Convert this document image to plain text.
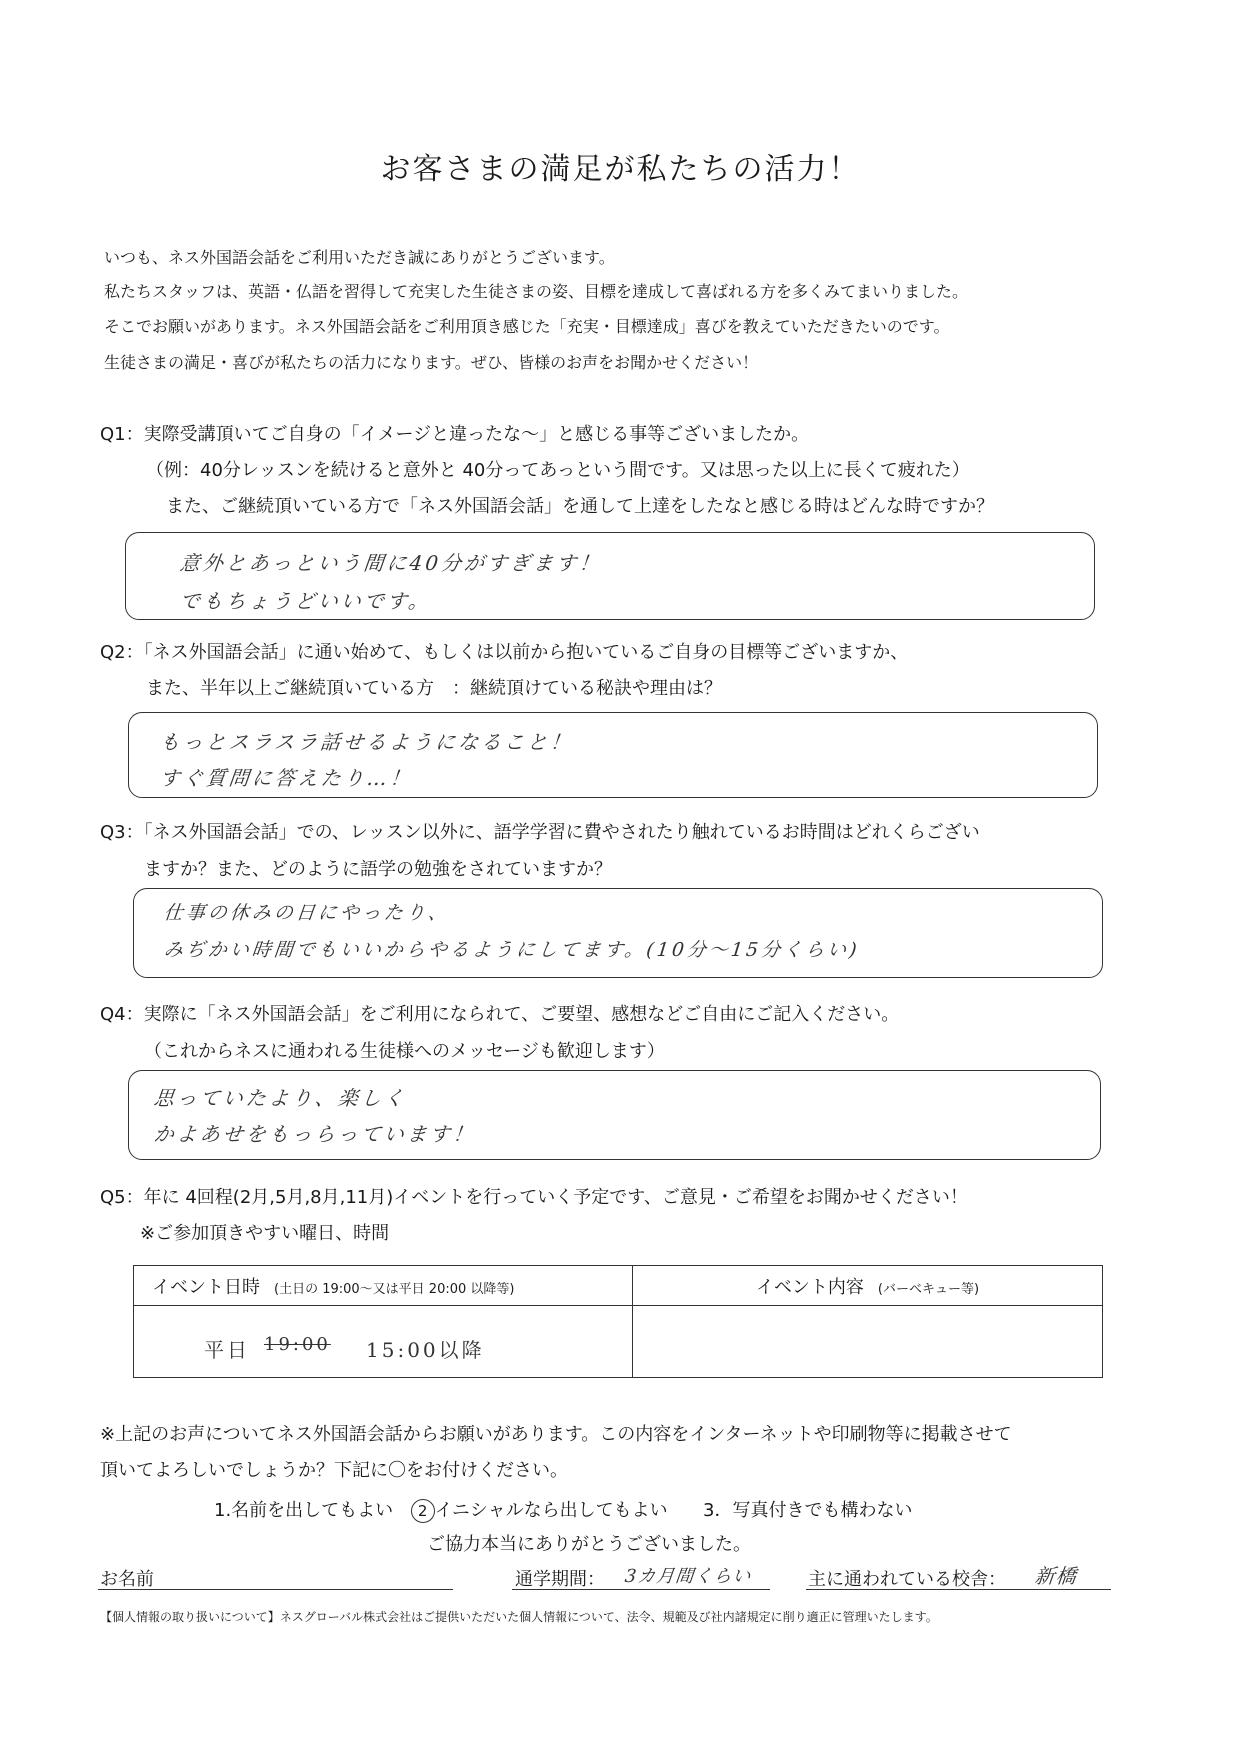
お客さまの満足が私たちの活力！
いつも、ネス外国語会話をご利用いただき誠にありがとうございます。
私たちスタッフは、英語・仏語を習得して充実した生徒さまの姿、目標を達成して喜ばれる方を多くみてまいりました。
そこでお願いがあります。ネス外国語会話をご利用頂き感じた「充実・目標達成」喜びを教えていただきたいのです。
生徒さまの満足・喜びが私たちの活力になります。ぜひ、皆様のお声をお聞かせください！
Q1：実際受講頂いてご自身の「イメージと違ったな～」と感じる事等ございましたか。
（例：40分レッスンを続けると意外と 40分ってあっという間です。又は思った以上に長くて疲れた）
また、ご継続頂いている方で「ネス外国語会話」を通して上達をしたなと感じる時はどんな時ですか？
意外とあっという間に40分がすぎます！
でもちょうどいいです。
Q2：「ネス外国語会話」に通い始めて、もしくは以前から抱いているご自身の目標等ございますか、
また、半年以上ご継続頂いている方　：継続頂けている秘訣や理由は？
もっとスラスラ話せるようになること！
すぐ質問に答えたり…！
Q3：「ネス外国語会話」での、レッスン以外に、語学学習に費やされたり触れているお時間はどれくらござい
ますか？また、どのように語学の勉強をされていますか？
仕事の休みの日にやったり、
みぢかい時間でもいいからやるようにしてます。(10分～15分くらい)
Q4：実際に「ネス外国語会話」をご利用になられて、ご要望、感想などご自由にご記入ください。
（これからネスに通われる生徒様へのメッセージも歓迎します）
思っていたより、楽しく
かよあせをもっらっています！
Q5：年に 4回程(2月,5月,8月,11月)イベントを行っていく予定です、ご意見・ご希望をお聞かせください！
※ご参加頂きやすい曜日、時間
イベント日時 (土日の 19:00～又は平日 20:00 以降等)	イベント内容 (バーベキュー等)

平日 19:00 15:00以降	

※上記のお声についてネス外国語会話からお願いがあります。この内容をインターネットや印刷物等に掲載させて
頂いてよろしいでしょうか？下記に〇をお付けください。
1.名前を出してもよい 2 イニシャルなら出してもよい 3．写真付きでも構わない
ご協力本当にありがとうございました。
お名前	通学期間： 3カ月間くらい	主に通われている校舎： 新橋
【個人情報の取り扱いについて】ネスグローバル株式会社はご提供いただいた個人情報について、法令、規範及び社内諸規定に削り適正に管理いたします。
